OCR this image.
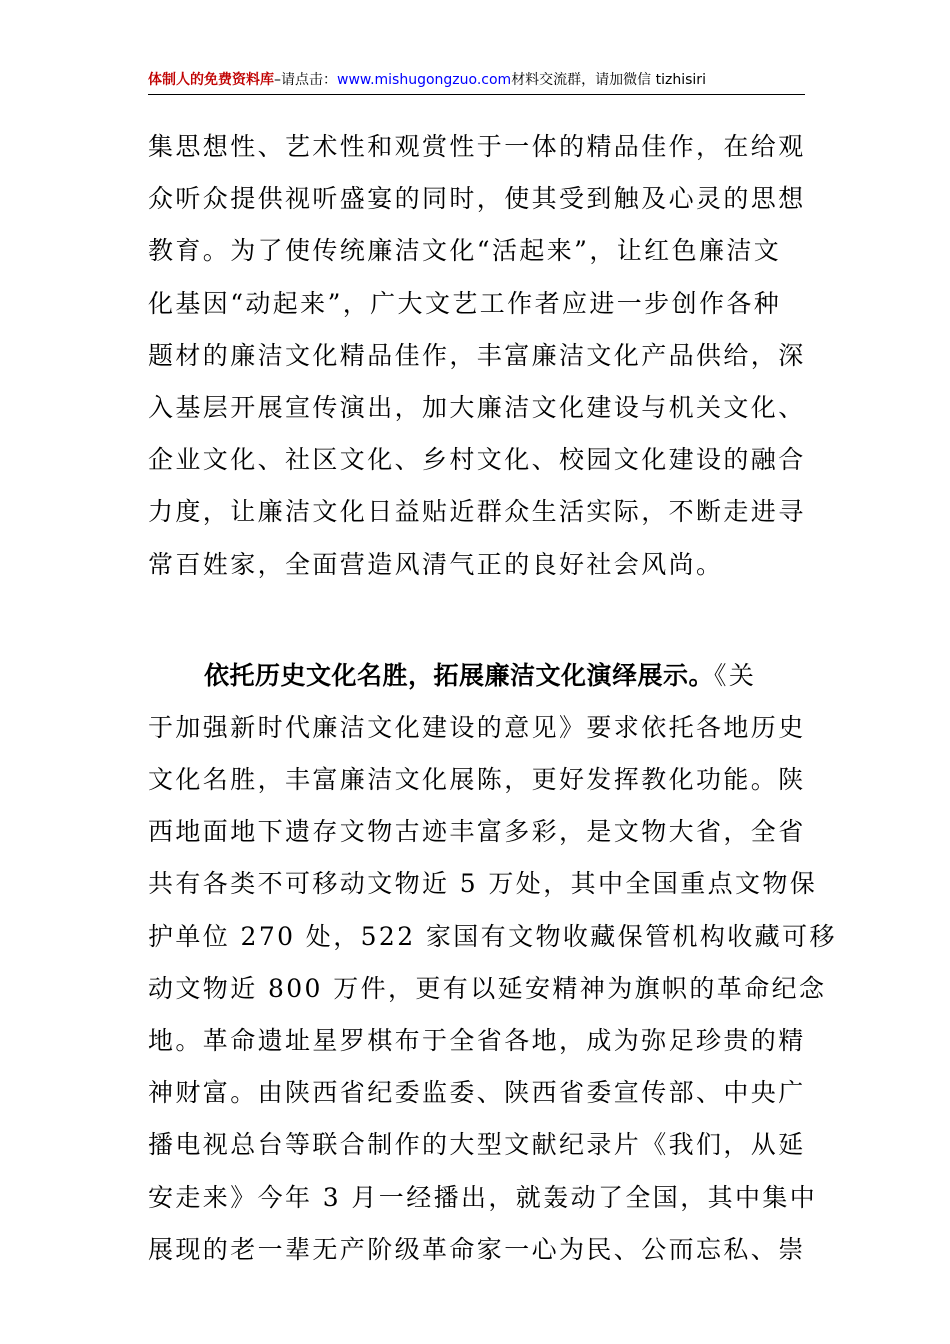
体制人的免费资料库–请点击：www.mishugongzuo.com材料交流群，请加微信 tizhisiri
集思想性、艺术性和观赏性于一体的精品佳作，在给观
众听众提供视听盛宴的同时，使其受到触及心灵的思想
教育。为了使传统廉洁文化“活起来”，让红色廉洁文
化基因“动起来”，广大文艺工作者应进一步创作各种
题材的廉洁文化精品佳作，丰富廉洁文化产品供给，深
入基层开展宣传演出，加大廉洁文化建设与机关文化、
企业文化、社区文化、乡村文化、校园文化建设的融合
力度，让廉洁文化日益贴近群众生活实际，不断走进寻
常百姓家，全面营造风清气正的良好社会风尚。
依托历史文化名胜，拓展廉洁文化演绎展示。《关
于加强新时代廉洁文化建设的意见》要求依托各地历史
文化名胜，丰富廉洁文化展陈，更好发挥教化功能。陕
西地面地下遗存文物古迹丰富多彩，是文物大省，全省
共有各类不可移动文物近 5 万处，其中全国重点文物保
护单位 270 处，522 家国有文物收藏保管机构收藏可移
动文物近 800 万件，更有以延安精神为旗帜的革命纪念
地。革命遗址星罗棋布于全省各地，成为弥足珍贵的精
神财富。由陕西省纪委监委、陕西省委宣传部、中央广
播电视总台等联合制作的大型文献纪录片《我们，从延
安走来》今年 3 月一经播出，就轰动了全国，其中集中
展现的老一辈无产阶级革命家一心为民、公而忘私、崇
